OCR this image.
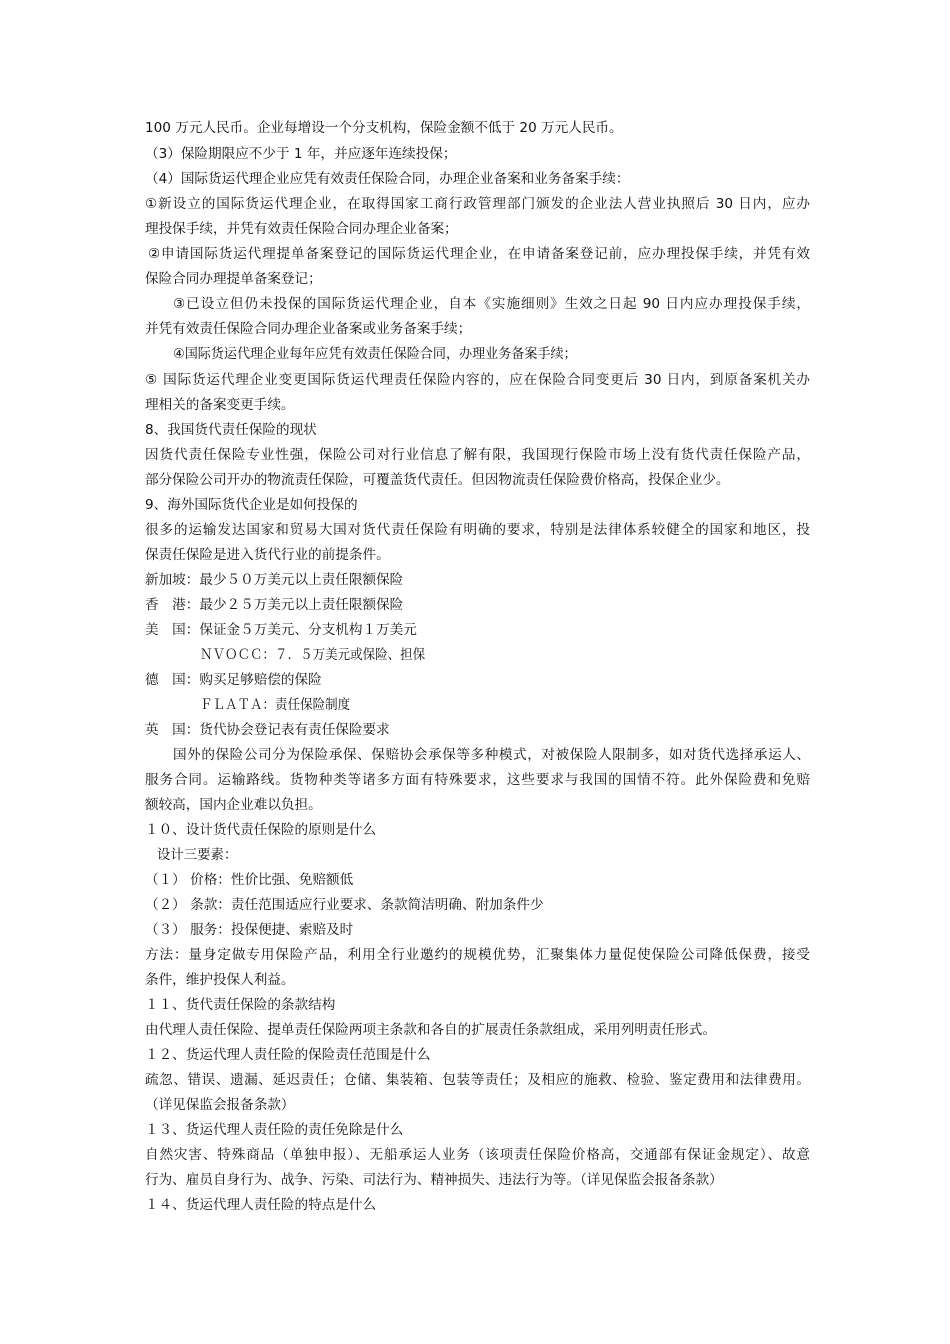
100 万元人民币。企业每增设一个分支机构，保险金额不低于 20 万元人民币。
（3）保险期限应不少于 1 年，并应逐年连续投保；
（4）国际货运代理企业应凭有效责任保险合同，办理企业备案和业务备案手续：
①新设立的国际货运代理企业，在取得国家工商行政管理部门颁发的企业法人营业执照后 30 日内，应办
理投保手续，并凭有效责任保险合同办理企业备案；
②申请国际货运代理提单备案登记的国际货运代理企业，在申请备案登记前，应办理投保手续，并凭有效
保险合同办理提单备案登记；
③已设立但仍未投保的国际货运代理企业，自本《实施细则》生效之日起 90 日内应办理投保手续，
并凭有效责任保险合同办理企业备案或业务备案手续；
④国际货运代理企业每年应凭有效责任保险合同，办理业务备案手续；
⑤ 国际货运代理企业变更国际货运代理责任保险内容的，应在保险合同变更后 30 日内，到原备案机关办
理相关的备案变更手续。
8、我国货代责任保险的现状
因货代责任保险专业性强，保险公司对行业信息了解有限，我国现行保险市场上没有货代责任保险产品，
部分保险公司开办的物流责任保险，可覆盖货代责任。但因物流责任保险费价格高，投保企业少。
9、海外国际货代企业是如何投保的
很多的运输发达国家和贸易大国对货代责任保险有明确的要求，特别是法律体系较健全的国家和地区，投
保责任保险是进入货代行业的前提条件。
新加坡：最少５０万美元以上责任限额保险
香　港：最少２５万美元以上责任限额保险
美　国：保证金５万美元、分支机构１万美元
ＮＶＯＣＣ：７．５万美元或保险、担保
德　国：购买足够赔偿的保险
ＦＬＡＴＡ：责任保险制度
英　国：货代协会登记表有责任保险要求
国外的保险公司分为保险承保、保赔协会承保等多种模式，对被保险人限制多，如对货代选择承运人、
服务合同。运输路线。货物种类等诸多方面有特殊要求，这些要求与我国的国情不符。此外保险费和免赔
额较高，国内企业难以负担。
１０、设计货代责任保险的原则是什么
设计三要素：
（１） 价格：性价比强、免赔额低
（２） 条款：责任范围适应行业要求、条款简洁明确、附加条件少
（３） 服务：投保便捷、索赔及时
方法：量身定做专用保险产品，利用全行业邀约的规模优势，汇聚集体力量促使保险公司降低保费，接受
条件，维护投保人利益。
１１、货代责任保险的条款结构
由代理人责任保险、提单责任保险两项主条款和各自的扩展责任条款组成，采用列明责任形式。
１２、货运代理人责任险的保险责任范围是什么
疏忽、错误、遗漏、延迟责任；仓储、集装箱、包装等责任；及相应的施救、检验、鉴定费用和法律费用。
（详见保监会报备条款）
１３、货运代理人责任险的责任免除是什么
自然灾害、特殊商品（单独申报）、无船承运人业务（该项责任保险价格高，交通部有保证金规定）、故意
行为、雇员自身行为、战争、污染、司法行为、精神损失、违法行为等。（详见保监会报备条款）
１４、货运代理人责任险的特点是什么
